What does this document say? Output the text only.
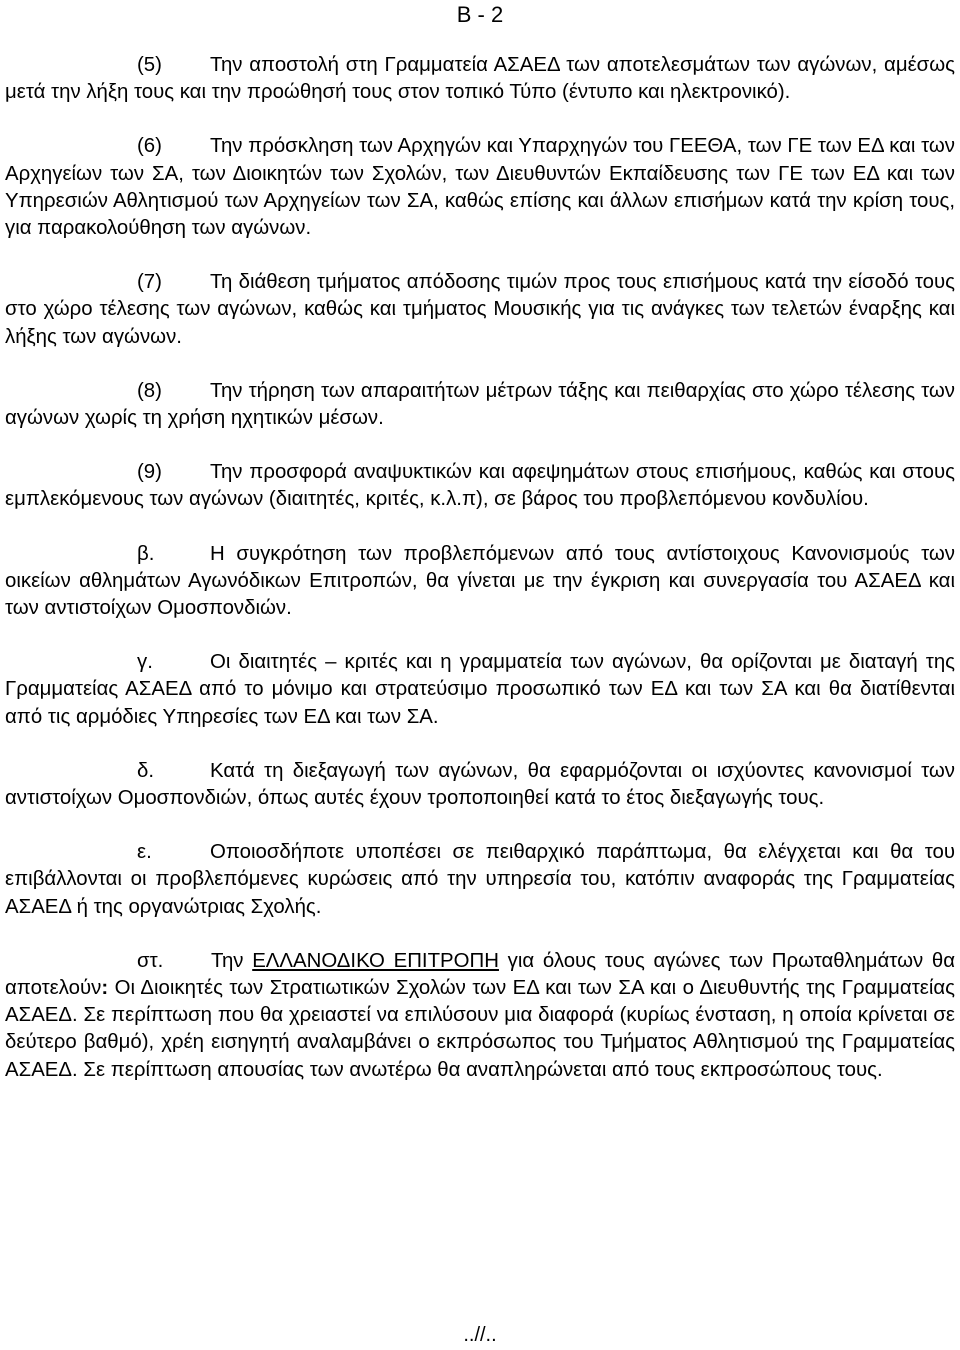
Β - 2

(5) Την αποστολή στη Γραμματεία ΑΣΑΕΔ των αποτελεσμάτων των αγώνων, αμέσως μετά την λήξη τους και την προώθησή τους στον τοπικό Τύπο (έντυπο και ηλεκτρονικό).

(6) Την πρόσκληση των Αρχηγών και Υπαρχηγών του ΓΕΕΘΑ, των ΓΕ των ΕΔ και των Αρχηγείων των ΣΑ, των Διοικητών των Σχολών, των Διευθυντών Εκπαίδευσης των ΓΕ των ΕΔ και των Υπηρεσιών Αθλητισμού των Αρχηγείων των ΣΑ, καθώς επίσης και άλλων επισήμων κατά την κρίση τους, για παρακολούθηση των αγώνων.

(7) Τη διάθεση τμήματος απόδοσης τιμών προς τους επισήμους κατά την είσοδό τους στο χώρο τέλεσης των αγώνων, καθώς και τμήματος Μουσικής για τις ανάγκες των τελετών έναρξης και λήξης των αγώνων.

(8) Την τήρηση των απαραιτήτων μέτρων τάξης και πειθαρχίας στο χώρο τέλεσης των αγώνων χωρίς τη χρήση ηχητικών μέσων.

(9) Την προσφορά αναψυκτικών και αφεψημάτων στους επισήμους, καθώς και στους εμπλεκόμενους των αγώνων (διαιτητές, κριτές, κ.λ.π), σε βάρος του προβλεπόμενου κονδυλίου.

β.	Η συγκρότηση των προβλεπόμενων από τους αντίστοιχους Κανονισμούς των οικείων αθλημάτων Αγωνόδικων Επιτροπών, θα γίνεται με την έγκριση και συνεργασία του ΑΣΑΕΔ και των αντιστοίχων Ομοσπονδιών.

γ.	Οι διαιτητές – κριτές και η γραμματεία των αγώνων, θα ορίζονται με διαταγή της Γραμματείας ΑΣΑΕΔ από το μόνιμο και στρατεύσιμο προσωπικό των ΕΔ και των ΣΑ και θα διατίθενται από τις αρμόδιες Υπηρεσίες των ΕΔ και των ΣΑ.

δ.	Κατά τη διεξαγωγή των αγώνων, θα εφαρμόζονται οι ισχύοντες κανονισμοί των αντιστοίχων Ομοσπονδιών, όπως αυτές έχουν τροποποιηθεί κατά το έτος διεξαγωγής τους.

ε.	Οποιοσδήποτε υποπέσει σε πειθαρχικό παράπτωμα, θα ελέγχεται και θα του επιβάλλονται οι προβλεπόμενες κυρώσεις από την υπηρεσία του, κατόπιν αναφοράς της Γραμματείας ΑΣΑΕΔ ή της οργανώτριας Σχολής.

στ. Την ΕΛΛΑΝΟΔΙΚΟ ΕΠΙΤΡΟΠΗ για όλους τους αγώνες των Πρωταθλημάτων θα αποτελούν: Οι Διοικητές των Στρατιωτικών Σχολών των ΕΔ και των ΣΑ και ο Διευθυντής της Γραμματείας ΑΣΑΕΔ. Σε περίπτωση που θα χρειαστεί να επιλύσουν μια διαφορά (κυρίως ένσταση, η οποία κρίνεται σε δεύτερο βαθμό), χρέη εισηγητή αναλαμβάνει ο εκπρόσωπος του Τμήματος Αθλητισμού της Γραμματείας ΑΣΑΕΔ. Σε περίπτωση απουσίας των ανωτέρω θα αναπληρώνεται από τους εκπροσώπους τους.

..//..
